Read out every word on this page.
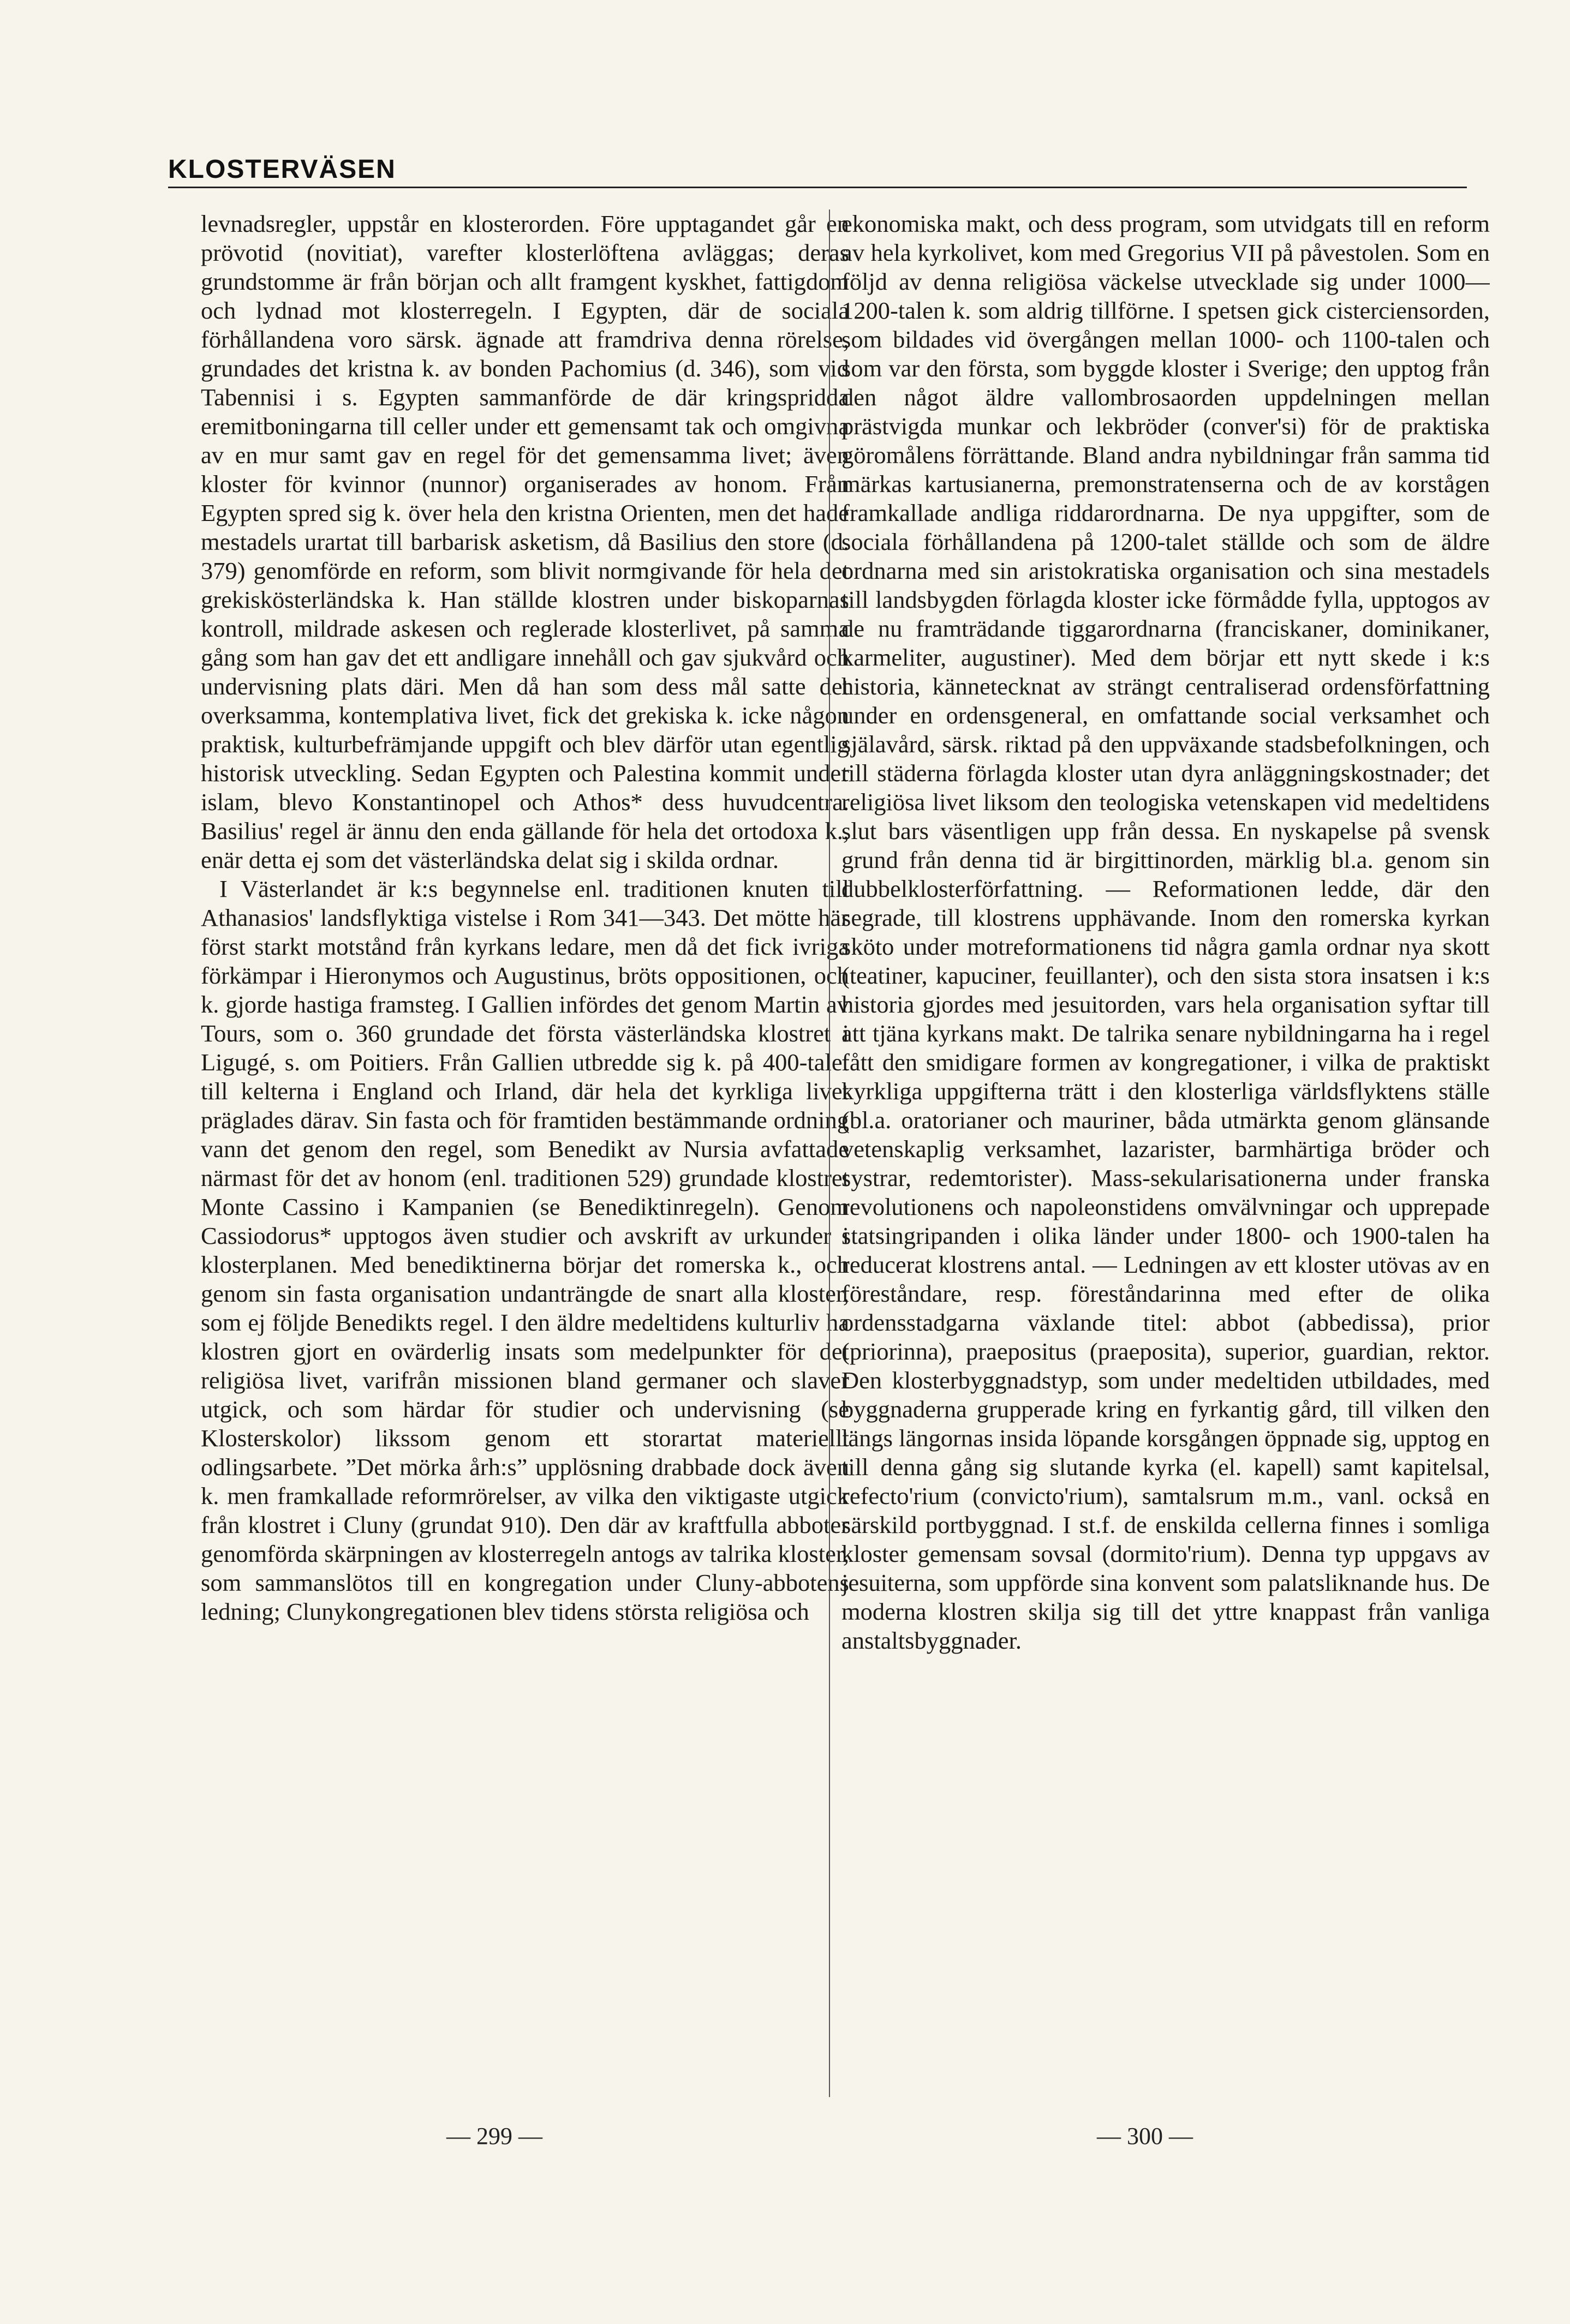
KLOSTERVÄSEN

levnadsregler, uppstår en klosterorden. Före upptagandet går en prövotid (novitiat), varefter klosterlöftena avläggas; deras grundstomme är från början och allt framgent kyskhet, fattigdom och lydnad mot klosterregeln. I Egypten, där de sociala förhållandena voro särsk. ägnade att framdriva denna rörelse, grundades det kristna k. av bonden Pachomius (d. 346), som vid Tabennisi i s. Egypten sammanförde de där kringspridda eremitboningarna till celler under ett gemensamt tak och omgivna av en mur samt gav en regel för det gemensamma livet; även kloster för kvinnor (nunnor) organiserades av honom. Från Egypten spred sig k. över hela den kristna Orienten, men det hade mestadels urartat till barbarisk asketism, då Basilius den store (d. 379) genomförde en reform, som blivit normgivande för hela det grekiskösterländska k. Han ställde klostren under biskoparnas kontroll, mildrade askesen och reglerade klosterlivet, på samma gång som han gav det ett andligare innehåll och gav sjukvård och undervisning plats däri. Men då han som dess mål satte det overksamma, kontemplativa livet, fick det grekiska k. icke någon praktisk, kulturbefrämjande uppgift och blev därför utan egentlig historisk utveckling. Sedan Egypten och Palestina kommit under islam, blevo Konstantinopel och Athos* dess huvudcentra. Basilius' regel är ännu den enda gällande för hela det ortodoxa k., enär detta ej som det västerländska delat sig i skilda ordnar.

I Västerlandet är k:s begynnelse enl. traditionen knuten till Athanasios' landsflyktiga vistelse i Rom 341—343. Det mötte här först starkt motstånd från kyrkans ledare, men då det fick ivriga förkämpar i Hieronymos och Augustinus, bröts oppositionen, och k. gjorde hastiga framsteg. I Gallien infördes det genom Martin av Tours, som o. 360 grundade det första västerländska klostret i Ligugé, s. om Poitiers. Från Gallien utbredde sig k. på 400-talet till kelterna i England och Irland, där hela det kyrkliga livet präglades därav. Sin fasta och för framtiden bestämmande ordning vann det genom den regel, som Benedikt av Nursia avfattade närmast för det av honom (enl. traditionen 529) grundade klostret Monte Cassino i Kampanien (se Benediktinregeln). Genom Cassiodorus* upptogos även studier och avskrift av urkunder i klosterplanen. Med benediktinerna börjar det romerska k., och genom sin fasta organisation undanträngde de snart alla kloster, som ej följde Benedikts regel. I den äldre medeltidens kulturliv ha klostren gjort en ovärderlig insats som medelpunkter för det religiösa livet, varifrån missionen bland germaner och slaver utgick, och som härdar för studier och undervisning (se Klosterskolor) likssom genom ett storartat materiellt odlingsarbete. ”Det mörka årh:s” upplösning drabbade dock även k. men framkallade reformrörelser, av vilka den viktigaste utgick från klostret i Cluny (grundat 910). Den där av kraftfulla abboter genomförda skärpningen av klosterregeln antogs av talrika kloster, som sammanslötos till en kongregation under Cluny-abbotens ledning; Clunykongregationen blev tidens största religiösa och

ekonomiska makt, och dess program, som utvidgats till en reform av hela kyrkolivet, kom med Gregorius VII på påvestolen. Som en följd av denna religiösa väckelse utvecklade sig under 1000—1200-talen k. som aldrig tillförne. I spetsen gick cisterciensorden, som bildades vid övergången mellan 1000- och 1100-talen och som var den första, som byggde kloster i Sverige; den upptog från den något äldre vallombrosaorden uppdelningen mellan prästvigda munkar och lekbröder (conver'si) för de praktiska göromålens förrättande. Bland andra nybildningar från samma tid märkas kartusianerna, premonstratenserna och de av korstågen framkallade andliga riddarordnarna. De nya uppgifter, som de sociala förhållandena på 1200-talet ställde och som de äldre ordnarna med sin aristokratiska organisation och sina mestadels till landsbygden förlagda kloster icke förmådde fylla, upptogos av de nu framträdande tiggarordnarna (franciskaner, dominikaner, karmeliter, augustiner). Med dem börjar ett nytt skede i k:s historia, kännetecknat av strängt centraliserad ordensförfattning under en ordensgeneral, en omfattande social verksamhet och själavård, särsk. riktad på den uppväxande stadsbefolkningen, och till städerna förlagda kloster utan dyra anläggningskostnader; det religiösa livet liksom den teologiska vetenskapen vid medeltidens slut bars väsentligen upp från dessa. En nyskapelse på svensk grund från denna tid är birgittinorden, märklig bl.a. genom sin dubbelklosterförfattning. — Reformationen ledde, där den segrade, till klostrens upphävande. Inom den romerska kyrkan sköto under motreformationens tid några gamla ordnar nya skott (teatiner, kapuciner, feuillanter), och den sista stora insatsen i k:s historia gjordes med jesuitorden, vars hela organisation syftar till att tjäna kyrkans makt. De talrika senare nybildningarna ha i regel fått den smidigare formen av kongregationer, i vilka de praktiskt kyrkliga uppgifterna trätt i den klosterliga världsflyktens ställe (bl.a. oratorianer och mauriner, båda utmärkta genom glänsande vetenskaplig verksamhet, lazarister, barmhärtiga bröder och systrar, redemtorister). Mass-sekularisationerna under franska revolutionens och napoleonstidens omvälvningar och upprepade statsingripanden i olika länder under 1800- och 1900-talen ha reducerat klostrens antal. — Ledningen av ett kloster utövas av en föreståndare, resp. föreståndarinna med efter de olika ordensstadgarna växlande titel: abbot (abbedissa), prior (priorinna), praepositus (praeposita), superior, guardian, rektor. Den klosterbyggnadstyp, som under medeltiden utbildades, med byggnaderna grupperade kring en fyrkantig gård, till vilken den längs längornas insida löpande korsgången öppnade sig, upptog en till denna gång sig slutande kyrka (el. kapell) samt kapitelsal, refecto'rium (convicto'rium), samtalsrum m.m., vanl. också en särskild portbyggnad. I st.f. de enskilda cellerna finnes i somliga kloster gemensam sovsal (dormito'rium). Denna typ uppgavs av jesuiterna, som uppförde sina konvent som palatsliknande hus. De moderna klostren skilja sig till det yttre knappast från vanliga anstaltsbyggnader.

— 299 —	— 300 —
